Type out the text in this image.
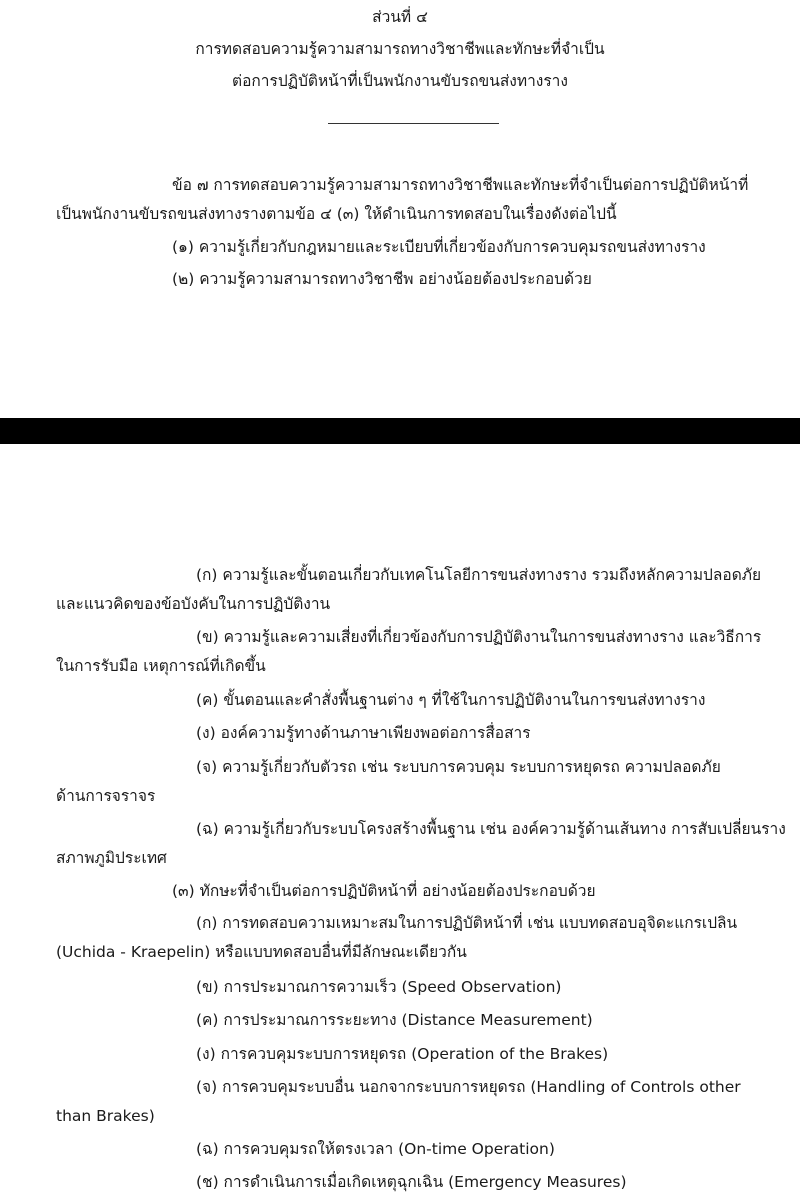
ส่วนที่ ๔
การทดสอบความรู้ความสามารถทางวิชาชีพและทักษะที่จำเป็น
ต่อการปฏิบัติหน้าที่เป็นพนักงานขับรถขนส่งทางราง
ข้อ ๗ การทดสอบความรู้ความสามารถทางวิชาชีพและทักษะที่จำเป็นต่อการปฏิบัติหน้าที่
เป็นพนักงานขับรถขนส่งทางรางตามข้อ ๔ (๓) ให้ดำเนินการทดสอบในเรื่องดังต่อไปนี้
(๑) ความรู้เกี่ยวกับกฎหมายและระเบียบที่เกี่ยวข้องกับการควบคุมรถขนส่งทางราง
(๒) ความรู้ความสามารถทางวิชาชีพ อย่างน้อยต้องประกอบด้วย
(ก) ความรู้และขั้นตอนเกี่ยวกับเทคโนโลยีการขนส่งทางราง รวมถึงหลักความปลอดภัย
และแนวคิดของข้อบังคับในการปฏิบัติงาน
(ข) ความรู้และความเสี่ยงที่เกี่ยวข้องกับการปฏิบัติงานในการขนส่งทางราง และวิธีการ
ในการรับมือ เหตุการณ์ที่เกิดขึ้น
(ค) ขั้นตอนและคำสั่งพื้นฐานต่าง ๆ ที่ใช้ในการปฏิบัติงานในการขนส่งทางราง
(ง) องค์ความรู้ทางด้านภาษาเพียงพอต่อการสื่อสาร
(จ) ความรู้เกี่ยวกับตัวรถ เช่น ระบบการควบคุม ระบบการหยุดรถ ความปลอดภัย
ด้านการจราจร
(ฉ) ความรู้เกี่ยวกับระบบโครงสร้างพื้นฐาน เช่น องค์ความรู้ด้านเส้นทาง การสับเปลี่ยนราง
สภาพภูมิประเทศ
(๓) ทักษะที่จำเป็นต่อการปฏิบัติหน้าที่ อย่างน้อยต้องประกอบด้วย
(ก) การทดสอบความเหมาะสมในการปฏิบัติหน้าที่ เช่น แบบทดสอบอุจิดะแกรเปลิน
(Uchida - Kraepelin) หรือแบบทดสอบอื่นที่มีลักษณะเดียวกัน
(ข) การประมาณการความเร็ว (Speed Observation)
(ค) การประมาณการระยะทาง (Distance Measurement)
(ง) การควบคุมระบบการหยุดรถ (Operation of the Brakes)
(จ) การควบคุมระบบอื่น นอกจากระบบการหยุดรถ (Handling of Controls other
than Brakes)
(ฉ) การควบคุมรถให้ตรงเวลา (On-time Operation)
(ช) การดำเนินการเมื่อเกิดเหตุฉุกเฉิน (Emergency Measures)
